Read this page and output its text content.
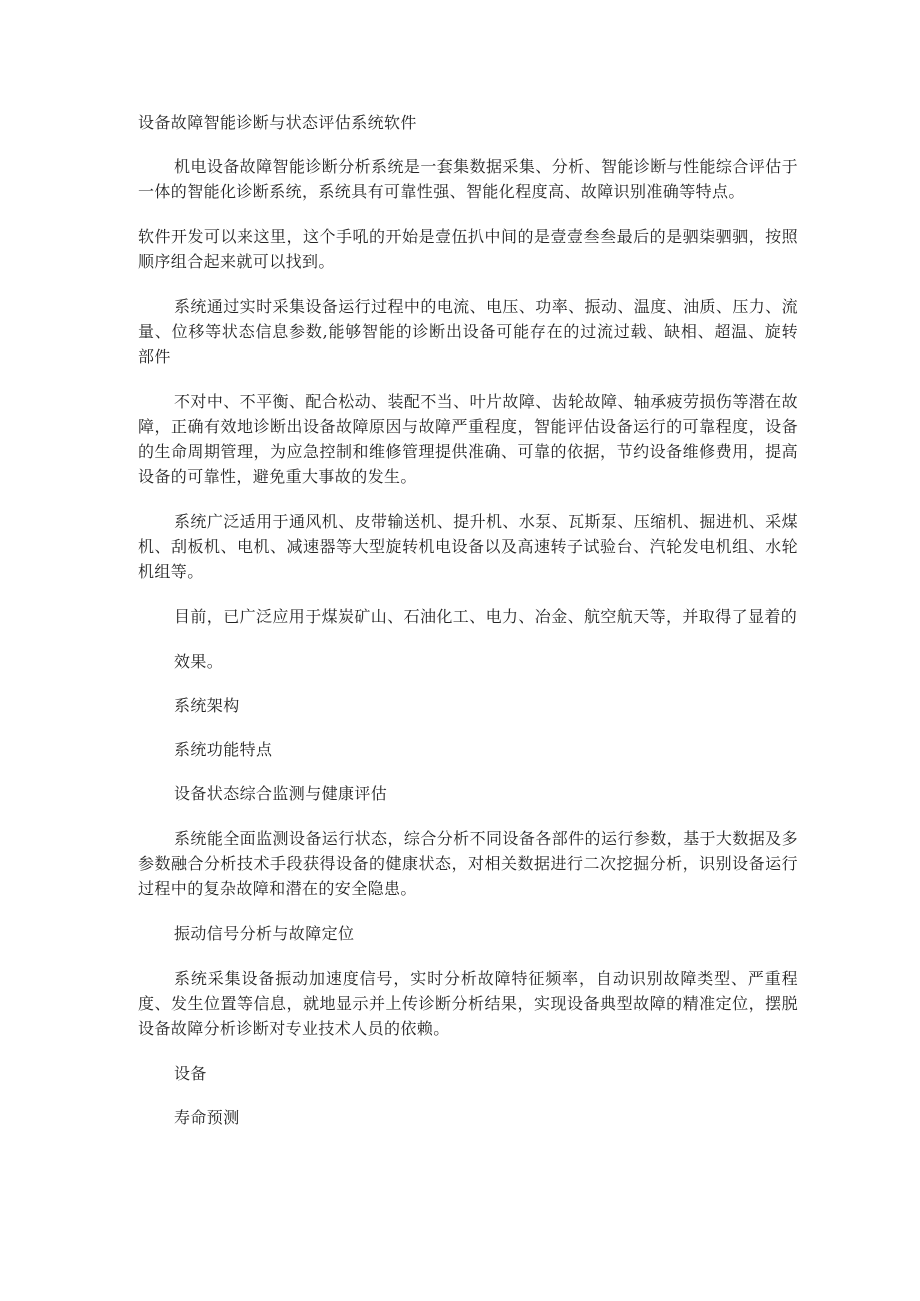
设备故障智能诊断与状态评估系统软件

机电设备故障智能诊断分析系统是一套集数据采集、分析、智能诊断与性能综合评估于一体的智能化诊断系统，系统具有可靠性强、智能化程度高、故障识别准确等特点。

软件开发可以来这里，这个手吼的开始是壹伍扒中间的是壹壹叁叁最后的是驷柒驷驷，按照顺序组合起来就可以找到。

系统通过实时采集设备运行过程中的电流、电压、功率、振动、温度、油质、压力、流量、位移等状态信息参数,能够智能的诊断出设备可能存在的过流过载、缺相、超温、旋转部件

不对中、不平衡、配合松动、装配不当、叶片故障、齿轮故障、轴承疲劳损伤等潜在故障，正确有效地诊断出设备故障原因与故障严重程度，智能评估设备运行的可靠程度，设备的生命周期管理，为应急控制和维修管理提供准确、可靠的依据，节约设备维修费用，提高设备的可靠性，避免重大事故的发生。

系统广泛适用于通风机、皮带输送机、提升机、水泵、瓦斯泵、压缩机、掘进机、采煤机、刮板机、电机、减速器等大型旋转机电设备以及高速转子试验台、汽轮发电机组、水轮机组等。

目前，已广泛应用于煤炭矿山、石油化工、电力、冶金、航空航天等，并取得了显着的

效果。

系统架构

系统功能特点

设备状态综合监测与健康评估

系统能全面监测设备运行状态，综合分析不同设备各部件的运行参数，基于大数据及多参数融合分析技术手段获得设备的健康状态，对相关数据进行二次挖掘分析，识别设备运行过程中的复杂故障和潜在的安全隐患。

振动信号分析与故障定位

系统采集设备振动加速度信号，实时分析故障特征频率，自动识别故障类型、严重程度、发生位置等信息，就地显示并上传诊断分析结果，实现设备典型故障的精准定位，摆脱设备故障分析诊断对专业技术人员的依赖。

设备

寿命预测
